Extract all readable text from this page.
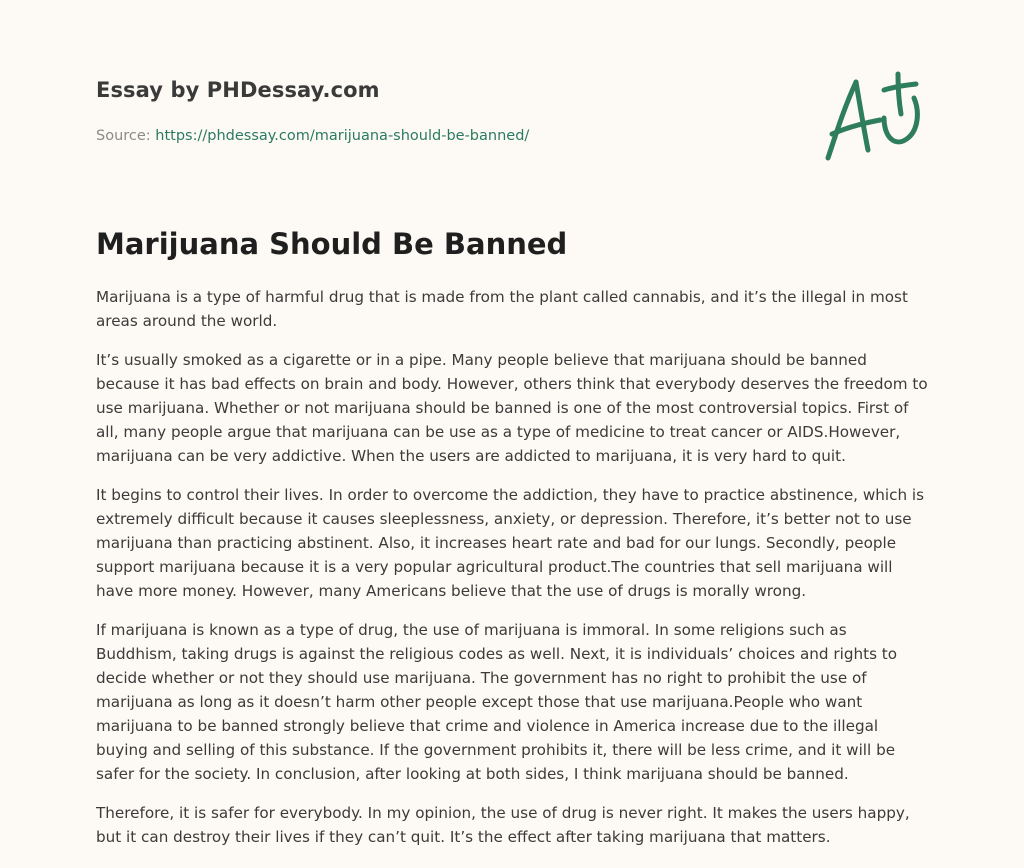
Essay by PHDessay.com
Source: https://phdessay.com/marijuana-should-be-banned/
Marijuana Should Be Banned

Marijuana is a type of harmful drug that is made from the plant called cannabis, and it’s the illegal in most areas around the world.

It’s usually smoked as a cigarette or in a pipe. Many people believe that marijuana should be banned because it has bad effects on brain and body. However, others think that everybody deserves the freedom to use marijuana. Whether or not marijuana should be banned is one of the most controversial topics. First of all, many people argue that marijuana can be use as a type of medicine to treat cancer or AIDS.However, marijuana can be very addictive. When the users are addicted to marijuana, it is very hard to quit.

It begins to control their lives. In order to overcome the addiction, they have to practice abstinence, which is extremely difficult because it causes sleeplessness, anxiety, or depression. Therefore, it’s better not to use marijuana than practicing abstinent. Also, it increases heart rate and bad for our lungs. Secondly, people support marijuana because it is a very popular agricultural product.The countries that sell marijuana will have more money. However, many Americans believe that the use of drugs is morally wrong.

If marijuana is known as a type of drug, the use of marijuana is immoral. In some religions such as Buddhism, taking drugs is against the religious codes as well. Next, it is individuals’ choices and rights to decide whether or not they should use marijuana. The government has no right to prohibit the use of marijuana as long as it doesn’t harm other people except those that use marijuana.People who want marijuana to be banned strongly believe that crime and violence in America increase due to the illegal buying and selling of this substance. If the government prohibits it, there will be less crime, and it will be safer for the society. In conclusion, after looking at both sides, I think marijuana should be banned.

Therefore, it is safer for everybody. In my opinion, the use of drug is never right. It makes the users happy, but it can destroy their lives if they can’t quit. It’s the effect after taking marijuana that matters.
